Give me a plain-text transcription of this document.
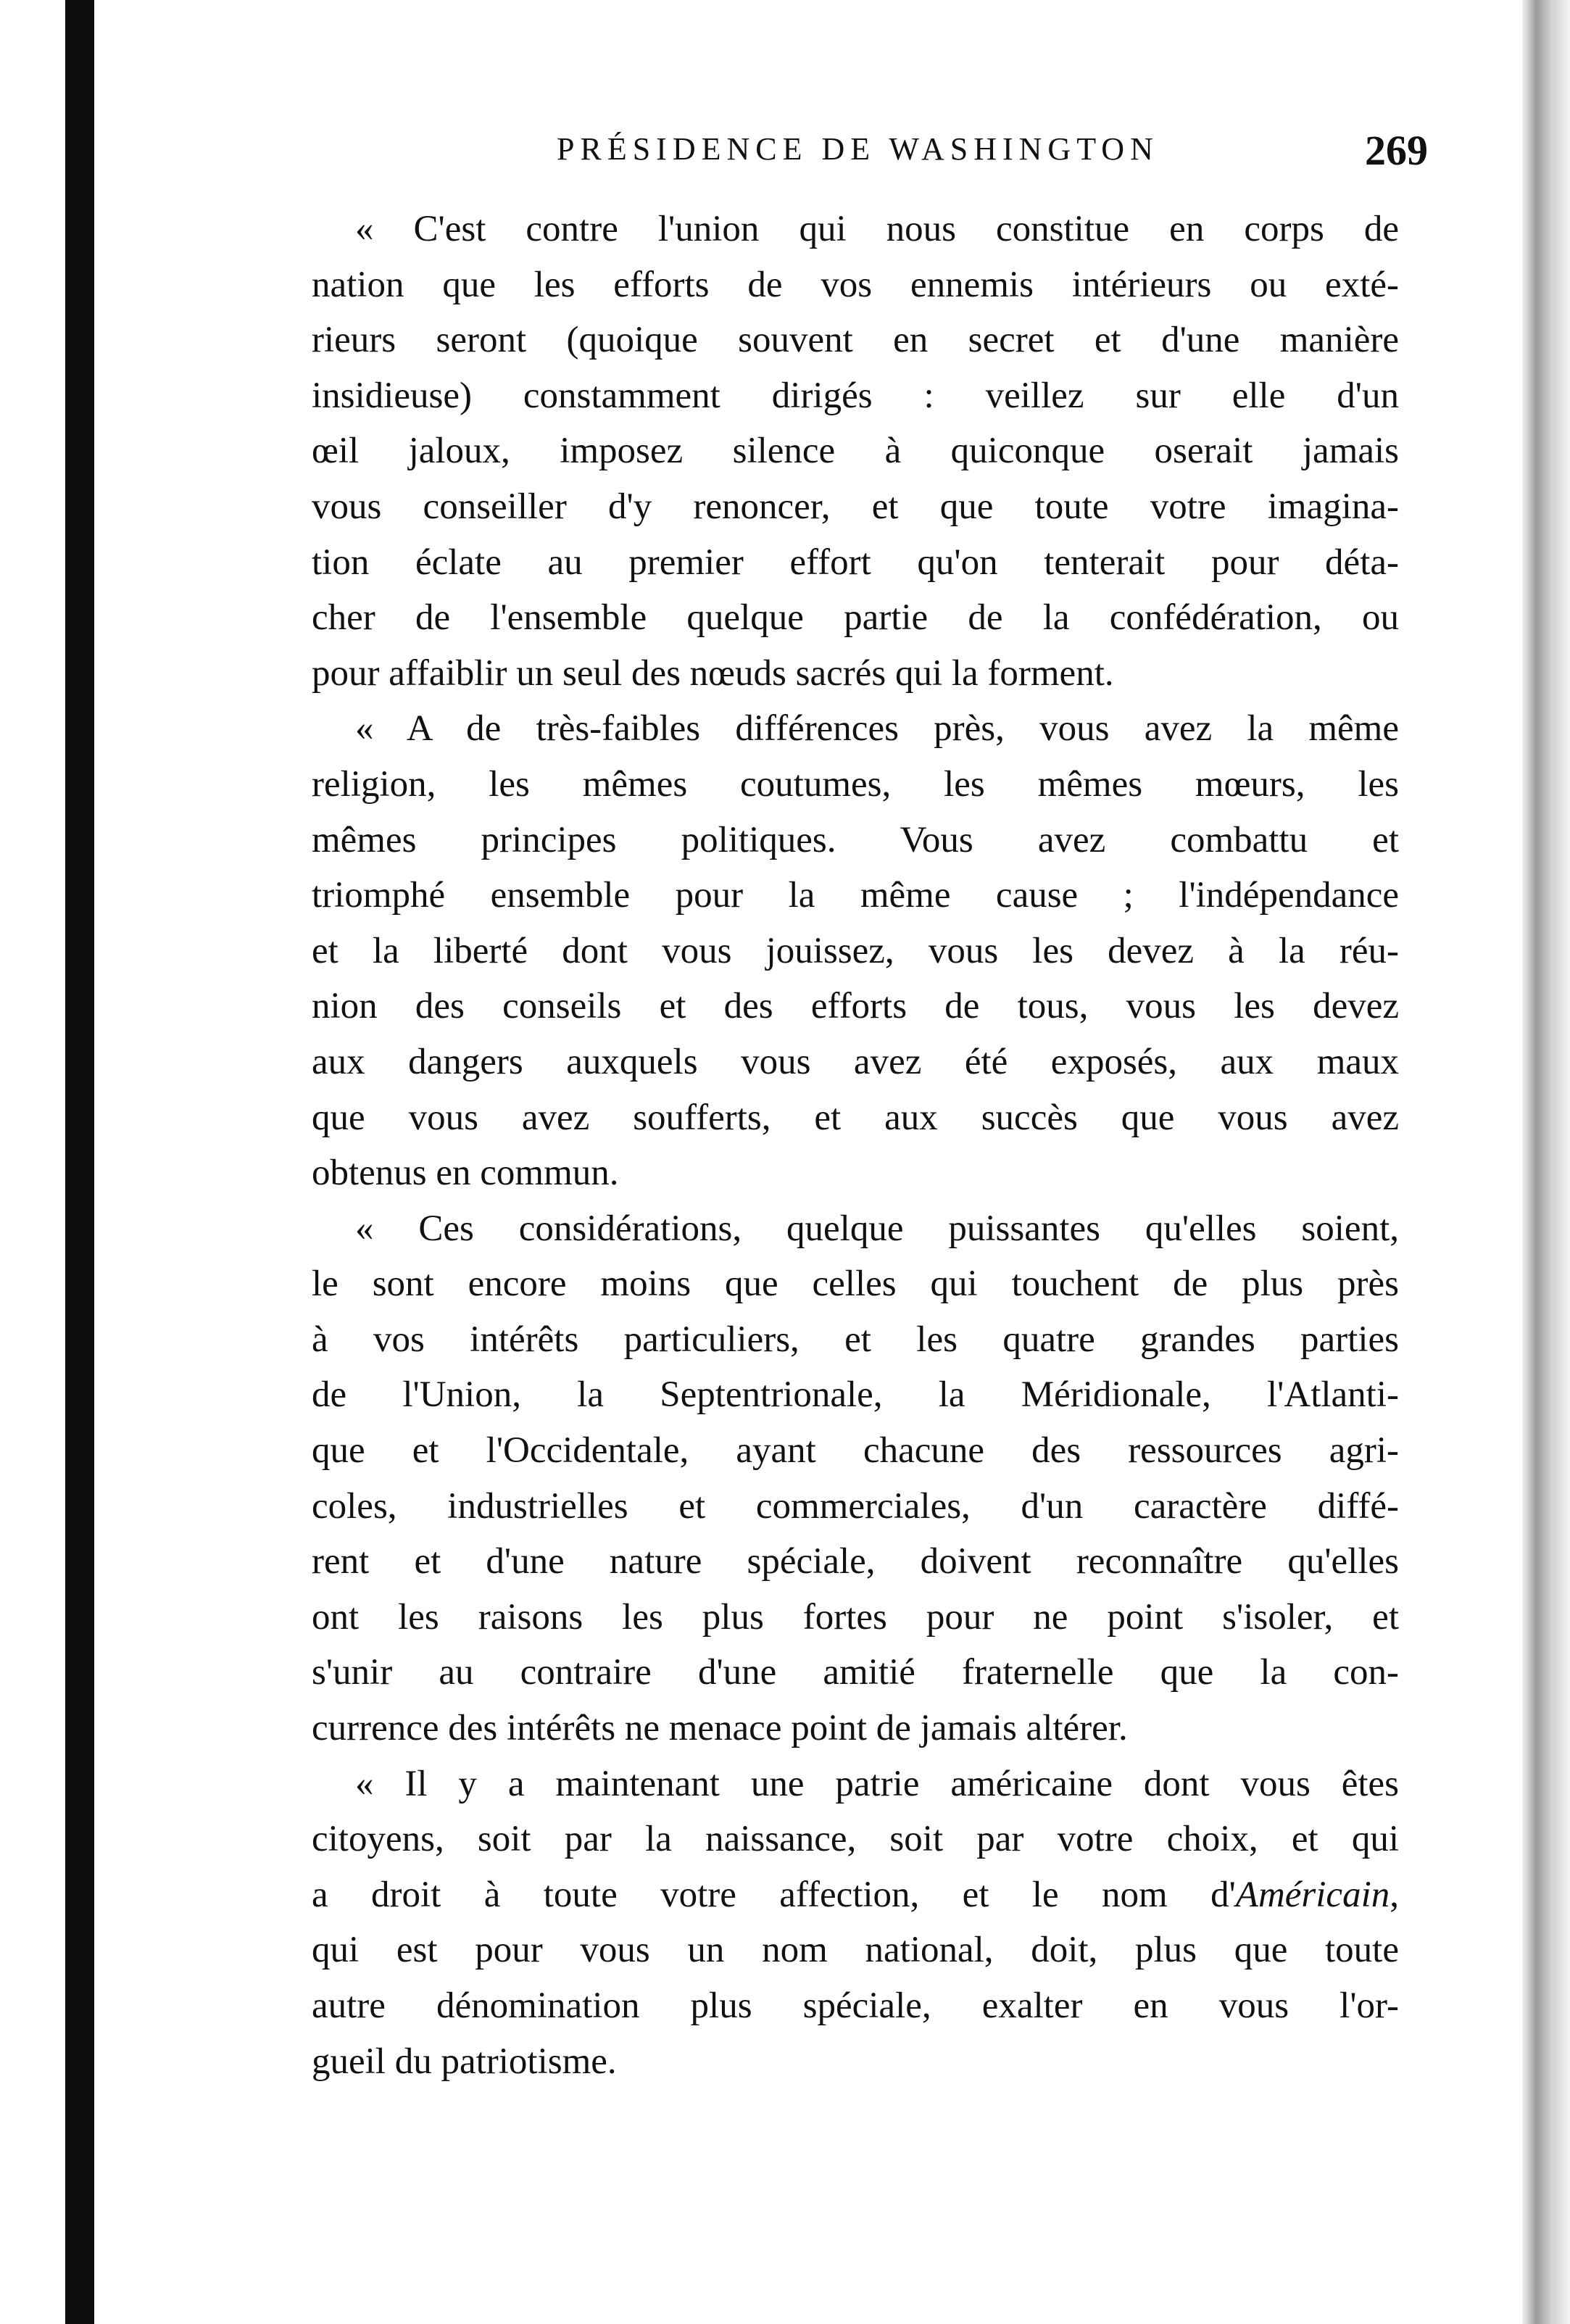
PRÉSIDENCE DE WASHINGTON	269

« C'est contre l'union qui nous constitue en corps de
nation que les efforts de vos ennemis intérieurs ou exté-
rieurs seront (quoique souvent en secret et d'une manière
insidieuse) constamment dirigés : veillez sur elle d'un
œil jaloux, imposez silence à quiconque oserait jamais
vous conseiller d'y renoncer, et que toute votre imagina-
tion éclate au premier effort qu'on tenterait pour déta-
cher de l'ensemble quelque partie de la confédération, ou
pour affaiblir un seul des nœuds sacrés qui la forment.

« A de très-faibles différences près, vous avez la même
religion, les mêmes coutumes, les mêmes mœurs, les
mêmes principes politiques. Vous avez combattu et
triomphé ensemble pour la même cause ; l'indépendance
et la liberté dont vous jouissez, vous les devez à la réu-
nion des conseils et des efforts de tous, vous les devez
aux dangers auxquels vous avez été exposés, aux maux
que vous avez soufferts, et aux succès que vous avez
obtenus en commun.

« Ces considérations, quelque puissantes qu'elles soient,
le sont encore moins que celles qui touchent de plus près
à vos intérêts particuliers, et les quatre grandes parties
de l'Union, la Septentrionale, la Méridionale, l'Atlanti-
que et l'Occidentale, ayant chacune des ressources agri-
coles, industrielles et commerciales, d'un caractère diffé-
rent et d'une nature spéciale, doivent reconnaître qu'elles
ont les raisons les plus fortes pour ne point s'isoler, et
s'unir au contraire d'une amitié fraternelle que la con-
currence des intérêts ne menace point de jamais altérer.

« Il y a maintenant une patrie américaine dont vous êtes
citoyens, soit par la naissance, soit par votre choix, et qui
a droit à toute votre affection, et le nom d'Américain,
qui est pour vous un nom national, doit, plus que toute
autre dénomination plus spéciale, exalter en vous l'or-
gueil du patriotisme.
